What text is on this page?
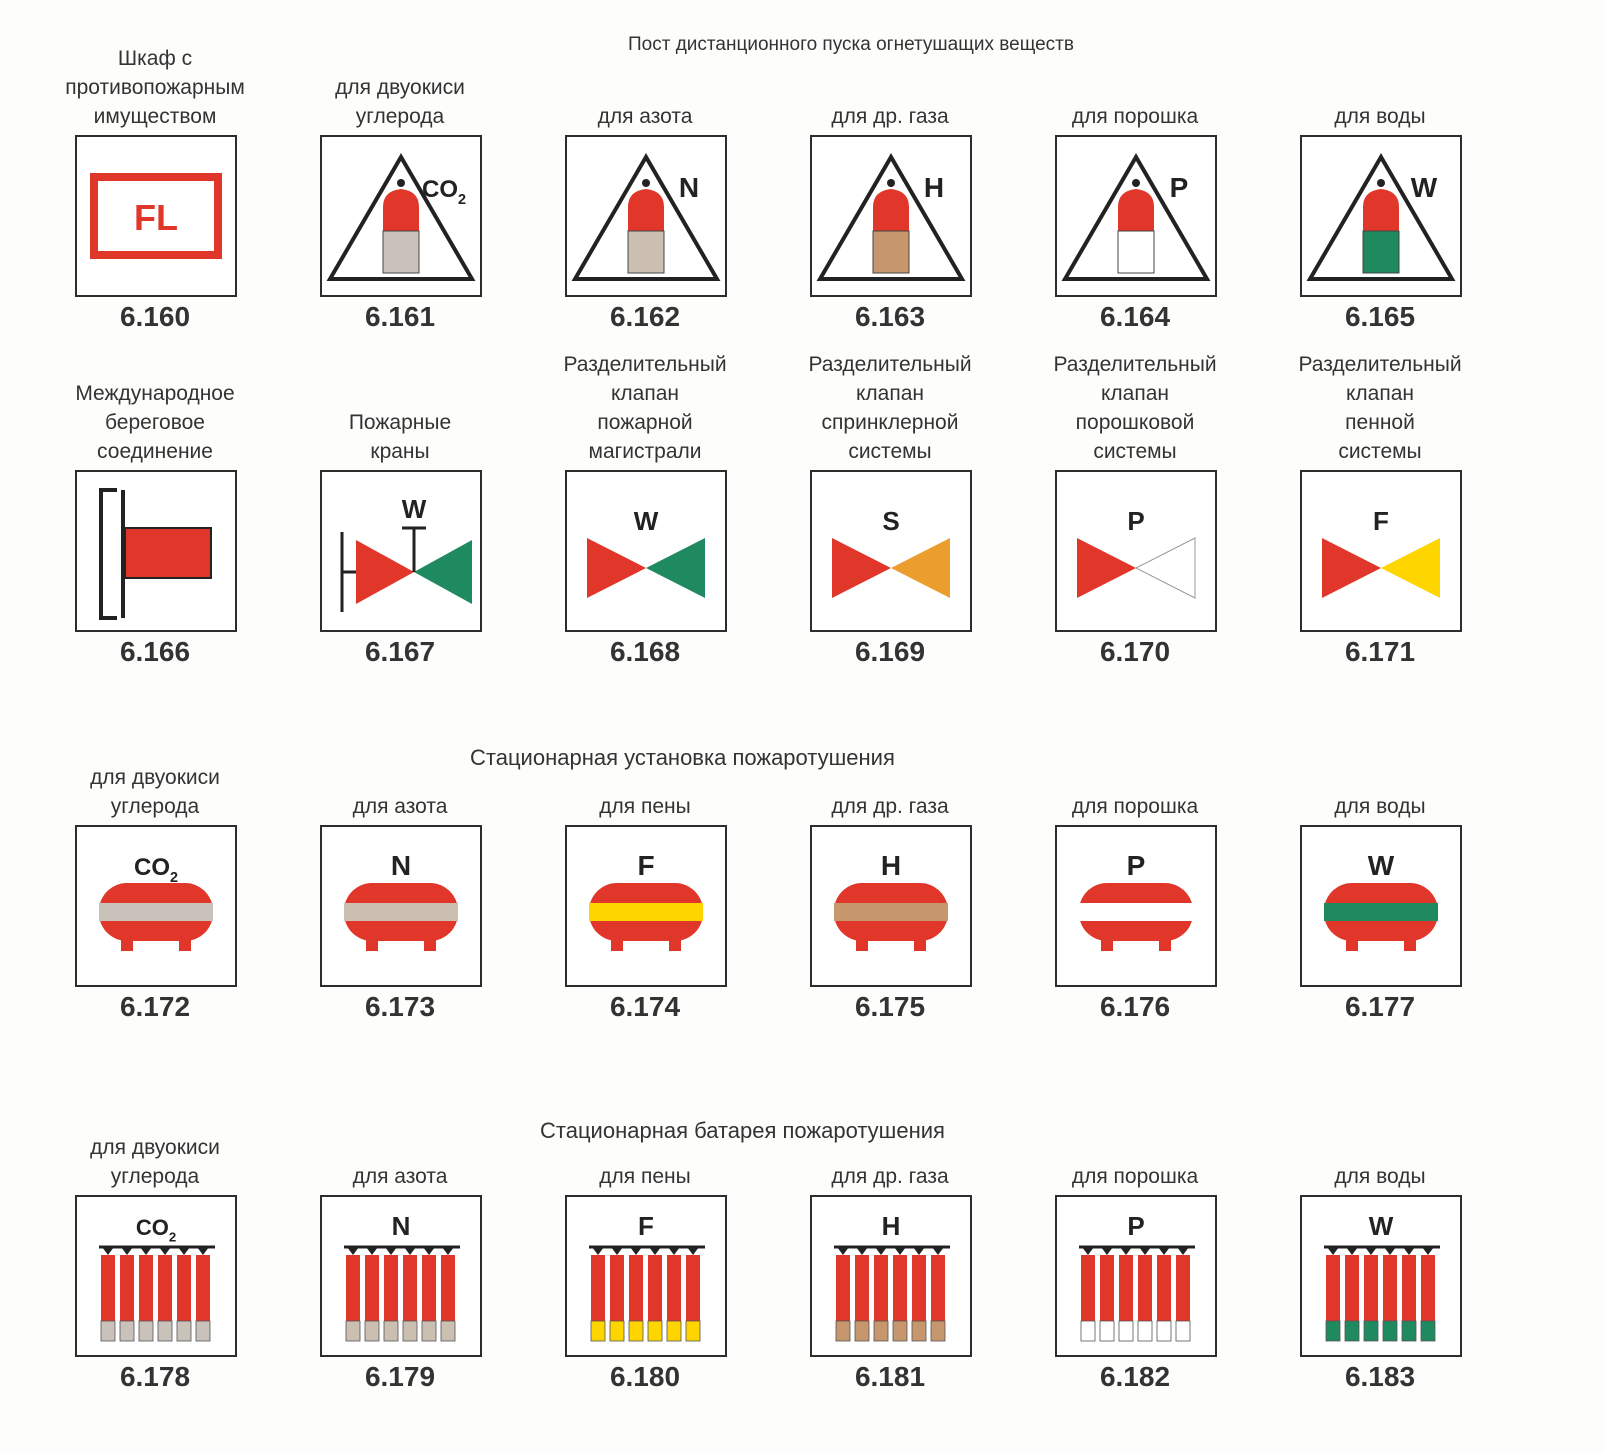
Пост дистанционного пуска огнетушащих веществ
Стационарная установка пожаротушения
Стационарная батарея пожаротушения
Шкаф с
противопожарным
имуществом
FL
6.160
для двуокиси
углерода
$CO_2$
6.161
для азота
N
6.162
для др. газа
H
6.163
для порошка
P
6.164
для воды
W
6.165
Международное
береговое
соединение
6.166
Пожарные
краны
W
6.167
Разделительный
клапан
пожарной
магистрали
W
6.168
Разделительный
клапан
спринклерной
системы
S
6.169
Разделительный
клапан
порошковой
системы
P
6.170
Разделительный
клапан
пенной
системы
F
6.171
для двуокиси
углерода
$CO_2$
6.172
для азота
N
6.173
для пены
F
6.174
для др. газа
H
6.175
для порошка
P
6.176
для воды
W
6.177
для двуокиси
углерода
$CO_2$
6.178
для азота
N
6.179
для пены
F
6.180
для др. газа
H
6.181
для порошка
P
6.182
для воды
W
6.183
